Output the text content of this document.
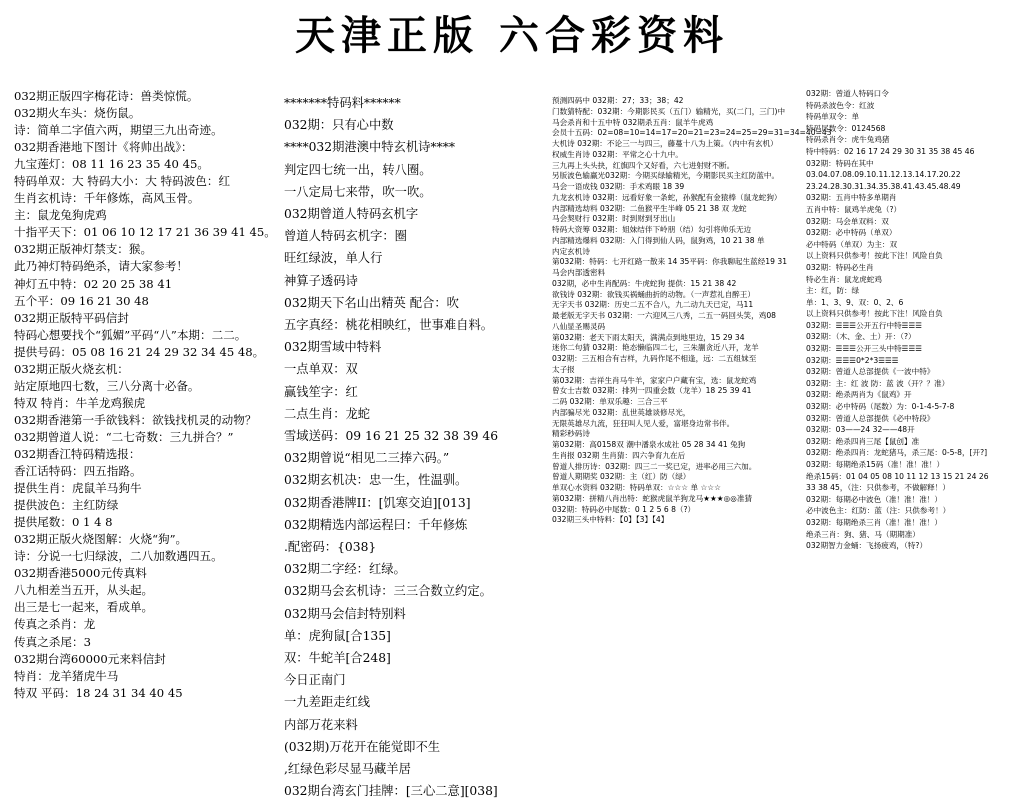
天津正版 六合彩资料
032期正版四字梅花诗：兽类惊慌。
032期火车头：烧伤鼠。
诗：简单二字值六两，期望三九出奇迹。
032期香港地下图计《将帅出战》：
九宝莲灯：08 11 16 23 35 40 45。
特码单双：大 特码大小：大 特码波色：红
生肖玄机诗：千年修炼，高风玉骨。
主：鼠龙兔狗虎鸡
十指平天下：01 06 10 12 17 21 36 39 41 45。
032期正版神灯禁支：猴。
此乃神灯特码绝杀，请大家参考！
神灯五中特：02 20 25 38 41
五个平：09 16 21 30 48
032期正版特平码信封
特码心想要找个“狐媚”平码“八”本期：二二。
提供号码：05 08 16 21 24 29 32 34 45 48。
032期正版火烧玄机：
站定原地四七数，三八分离十必备。
特双 特肖：牛羊龙鸡猴虎
032期香港第一手欲钱料：欲钱找机灵的动物？
032期曾道人说：“二七奇数：三九拼合？”
032期香江特码精选报：
香江话特码：四五指路。
提供生肖：虎鼠羊马狗牛
提供波色：主红防绿
提供尾数：0 1 4 8
032期正版火烧图解：火烧“狗”。
诗：分说一七归绿波，二八加数遇四五。
032期香港5000元传真料
八九相差当五开，从头起。
出三是七一起来，看成单。
传真之杀肖：龙
传真之杀尾：3
032期台湾60000元来料信封
特肖：龙羊猪虎牛马
特双 平码：18 24 31 34 40 45
*******特码料******
032期：只有心中数
****032期港澳中特玄机诗****
判定四七统一出，转八圈。
一八定局七来带，吹一吹。
032期曾道人特码玄机字
曾道人特码玄机字：圈
旺红绿波，单人行
神算子透码诗
032期天下名山出精英 配合：吹
五字真经：桃花相映红，世事难自料。
032期雪域中特料
一点单双：双
赢钱笙字：红
二点生肖：龙蛇
雪域送码：09 16 21 25 32 38 39 46
032期曾说“相见二三捧六码。”
032期玄机决：忠一生，性温驯。
032期香港牌II：[饥寒交迫][013]
032期精选内部运程曰：千年修炼
.配密码：{038}
032期二字经：红绿。
032期马会玄机诗：三三合数立约定。
032期马会信封特别料
单：虎狗鼠[合135]
双：牛蛇羊[合248]
今日正南门
一九差距走红线
内部万花来料
(032期)万花开在能觉即不生
,红绿色彩尽显马藏羊居
032期台湾玄门挂牌：[三心二意][038]
预测四码中 032期：27；33；38；42
门数猜特配：032期：今期影民买（五门）输精光，买(二门，三门)中
马会杀肖和十五中特 032期杀五肖：鼠羊牛虎鸡
会员十五码：02=08=10=14=17=20=21=23=24=25=29=31=34=40=43
大机诗 032期：不论三一与四三，藤蔓十八为上策。（内中有玄机）
权威生肖诗 032期：平常之心十九中。
三九再上头头抉，红旗四个又好看，六七进射财不断。
另版波色输赢光032期：今期买绿输精光，今期影民买主红防蓝中。
马会一语成钱 032期：手术鸡眼 18 39
九龙玄机诗 032期：远看好象一条蛇，孙猴配有金猿棒（鼠龙蛇狗）
内部精选劫料 032期：二鱼猴平生半峰 05 21 38 双 龙蛇
马会契财行 032期：时到财到牙出山
特码大资筹 032期：姐妹结伴下岭朋（结）勾引将帅乐无边
内部精选爆料 032期：入门得到仙人码，鼠狗鸡，10 21 38 单
内定玄机诗
第032期：特码：七开红路一散来 14 35平码：你我聊起生蓝经19 31
马会内部透密料
032期，必中生肖配码：牛虎蛇狗 提供：15 21 38 42
欲钱诗 032期：欲钱买祸蛹曲折的动物。（一声惹礼自醉王）
无字天书 032期：历史二五不合八，九二动九天已定，马11
最老版无字天书 032期：一六迎风三八秀，二五一码回头笑，鸡08
八仙显圣赐灵码
第032期：老天下雨太阳天，满满点到地里边，15 29 34
迷你二句猜 032期：艳态懒临四二七，三朱蒯贪近八开，龙羊
032期：三五相合有吉样，九码作尾不相逢，远：二五组妹至
太子报
第032期：吉祥生肖马牛羊，家家户户藏有宝，选：鼠龙蛇鸡
曾女士吉数 032期：排列一四重会数（龙羊）18 25 39 41
二码 032期：单双乐趣：三合三平
内部骗尽光 032期：乱世英雄谈修尽光，
无限英雄尽九流，狂狂叫人见人爱，富堪身边常书伴。
精彩秒码诗
第032期：高0158双 潮中潘泉水成社 05 28 34 41 兔狗
生肖报 032期 生肖猜：四六争育九在后
曾道人排历诗：032期：四三二一奖已定，进率必用三六加。
曾道人期期奖 032期：主（红）防（绿）
单双心水资料 032期：特码单双：☆☆☆ 单 ☆☆☆
第032期：拼精八肖出特：蛇猴虎鼠羊狗龙马★★★◎◎准猜
032期：特码必中尾数：0 1 2 5 6 8（?）
032期三头中特料：【0】【3】【4】
032期：曾道人特码口令
特码杀波色令：红波
特码单双令：单
特码尾数令：0124568
特码杀肖令：虎牛兔鸡猪
特中特码：02 16 17 24 29 30 31 35 38 45 46
032期：特码在其中
03.04.07.08.09.10.11.12.13.14.17.20.22
23.24.28.30.31.34.35.38.41.43.45.48.49
032期：五肖中特多单期肖
五肖中特：鼠鸡羊虎兔（?）
032期：马会单双料：双
032期：必中特码（单双）
必中特码（单双）为主：双
以上资料只供参考！按此下注！风险自负
032期：特码必生肖
特必生肖：鼠龙虎蛇鸡
主：红，防：绿
单：1、3、9、双：0、2、6
以上资料只供参考！按此下注！风险自负
032期：☰☰☰公开五行中特☰☰☰
032期：（木、金、土）开：（?）
032期：☰☰☰公开三头中特☰☰☰
032期：☰☰☰0*2*3☰☰☰
032期：曾道人总部提供《一波中特》
032期：主：红 波 防：蓝 波（开？？准）
032期：绝杀两肖为《鼠鸡》开
032期：必中特码（尾数）为：0-1-4-5-7-8
032期：曾道人总部提供《必中特段》
032期：03——24 32——48开
032期：绝杀四肖三尾【鼠创】准
032期：绝杀四肖：龙蛇猪马，杀三尾：0-5-8，[开?]
032期：每期绝杀15码（准！准！准！）
绝杀15码：01 04 05 08 10 11 12 13 15 21 24 26
33 38 45，（注：只供参考，不做解释！）
032期：每期必中波色（准！准！准！）
必中波色主：红防：蓝（注：只供参考！）
032期：每期绝杀三肖（准！准！准！）
绝杀三肖：狗、猪、马（期期准）
032期智力金蛹：飞扬疲鸡，（特?）
